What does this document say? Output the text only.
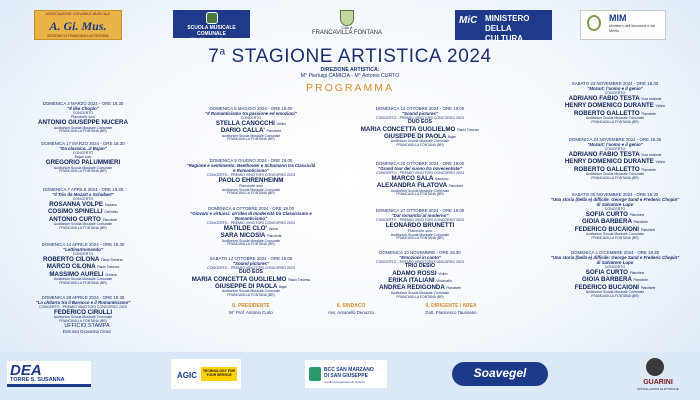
ASSOCIAZIONE GIOVANILE MUSICALE
A. Gi. Mus.
SEZIONE DI FRANCAVILLA FONTANA
SCUOLA MUSICALE COMUNALE
Città di Francavilla Fontana
Città di
FRANCAVILLA FONTANA
MiC MINISTERO
DELLA
CULTURA
MIM
Ministero dell'Istruzione e del Merito
7$^a$ STAGIONE ARTISTICA 2024
DIREZIONE ARTISTICA:
M° Pierluigi CAMICIA - M° Antonio CURTO
PROGRAMMA
DOMENICA 3 MARZO 2024 - ORE 18.30
"Il like Chopin"
CONCERTO
Pianoforte solo
ANTONIO GIUSEPPE NUCERA
Auditorium Scuola Musicale Comunale
FRANCAVILLA FONTANA (BR)
DOMENICA 17 MARZO 2024 - ORE 18.30
"Da classico...il Bajan"
CONCERTO
Bajan solo
GREGORIO PALUMMIERI
Auditorium Scuola Musicale Comunale
FRANCAVILLA FONTANA (BR)
DOMENICA 7 APRILE 2024 - ORE 18.30
"Il Trio da Mozart a Schubert"
CONCERTO
ROSANNA VOLPE Soprano
COSIMO SPINELLI Clarinetto
ANTONIO CURTO Pianoforte
Auditorium Scuola Musicale Comunale
FRANCAVILLA FONTANA (BR)
DOMENICA 14 APRILE 2024 - ORE 18.30
"Lettinarmonando"
CONCERTO
ROBERTO CILONA Flauto Traverso
MARCO CILONA Flauto Traverso
MASSIMO AURELI Chitarra
Auditorium Scuola Musicale Comunale
FRANCAVILLA FONTANA (BR)
DOMENICA 28 APRILE 2024 - ORE 18.30
"La chitarra tra il Barocco e il Romanticismo"
CONCERTO - PREMIO VINCITORI CONCORSO 2023
FEDERICO CIRULLI
Auditorium Scuola Musicale Comunale
FRANCAVILLA FONTANA (BR)
DOMENICA 5 MAGGIO 2024 - ORE 19.00
"Il Romanticismo tra passione ed emozioni"
CONCERTO
STELLA CANOCCHI Violino
DARIO CALLA' Pianoforte
Auditorium Scuola Musicale Comunale
FRANCAVILLA FONTANA (BR)
DOMENICA 9 GIUGNO 2024 - ORE 19.00
"Ragione e sentimento: Beethoven e Schumann tra Classicità e Romanticismo"
CONCERTO - PREMIO VINCITORI CONCORSO 2023
PAOLO EHRENHEINM
Pianoforte solo
Auditorium Scuola Musicale Comunale
FRANCAVILLA FONTANA (BR)
DOMENICA 6 OTTOBRE 2024 - ORE 19.00
"Giovani e virtuosi: un'idea di modernità tra Classicismo e Romanticismo"
CONCERTO - PREMIO VINCITORI CONCORSO 2023
MATILDE CLO' Violino
SARA NICOSIA Pianoforte
Auditorium Scuola Musicale Comunale
FRANCAVILLA FONTANA (BR)
SABATO 12 OTTOBRE 2024 - ORE 19.00
"Sound pictures"
CONCERTO - PREMIO VINCITORI CONCORSO 2023
DUO EOS
MARIA CONCETTA GUGLIELMO Flauto Traverso
GIUSEPPE DI PAOLA Bajan
Auditorium Scuola Musicale Comunale
FRANCAVILLA FONTANA (BR)
DOMENICA 13 OTTOBRE 2024 - ORE 19.00
"Sound pictures"
CONCERTO - PREMIO VINCITORI CONCORSO 2023
DUO EOS
MARIA CONCETTA GUGLIELMO Flauto Traverso
GIUSEPPE DI PAOLA Bajan
Auditorium Scuola Musicale Comunale
FRANCAVILLA FONTANA (BR)
DOMENICA 20 OTTOBRE 2024 - ORE 19.00
"Grand tour del suono fra novecentiste"
CONCERTO - PREMIO VINCITORI CONCORSO 2023
MARCO SALA Saxofono
ALEXANDRA FILATOVA Pianoforte
Auditorium Scuola Musicale Comunale
FRANCAVILLA FONTANA (BR)
DOMENICA 27 OTTOBRE 2024 - ORE 19.00
"Dal romantici al moderno"
CONCERTO - PREMIO VINCITORI CONCORSO 2023
LEONARDO BRUNETTI
Pianoforte solo
Auditorium Scuola Musicale Comunale
FRANCAVILLA FONTANA (BR)
DOMENICA 10 NOVEMBRE - ORE 18.30
"Emozioni in canto"
CONCERTO - PREMIO VINCITORI CONCORSO 2023
TRIO DESIO
ADAMO ROSSI Violino
ERIKA ITALIANI Violoncello
ANDREA REDIGONDA Pianoforte
Auditorium Scuola Musicale Comunale
FRANCAVILLA FONTANA (BR)
SABATO 23 NOVEMBRE 2024 - ORE 18.30
"Mozart: l'uomo e il genio"
CONCERTO
ADRIANO FABIO TESTA Voce recitante
HENRY DOMENICO DURANTE Violino
ROBERTO GALLETTO Pianoforte
Auditorium Scuola Musicale Comunale
FRANCAVILLA FONTANA (BR)
DOMENICA 24 NOVEMBRE 2024 - ORE 18.30
"Mozart: l'uomo e il genio"
CONCERTO
ADRIANO FABIO TESTA Voce recitante
HENRY DOMENICO DURANTE Violino
ROBERTO GALLETTO Pianoforte
Auditorium Scuola Musicale Comunale
FRANCAVILLA FONTANA (BR)
SABATO 30 NOVEMBRE 2024 - ORE 18.30
"Una storia (bella e) difficile: George Sand e Frederic Chopin" di Salvatore Lupo
CONCERTO
SOFIA CURTO Pianoforte
GIOIA BARBERA Pianoforte
FEDERICO BUCAIONI Pianoforte
Auditorium Scuola Musicale Comunale
FRANCAVILLA FONTANA (BR)
DOMENICA 1 DICEMBRE 2024 - ORE 18.30
"Una storia (bella e) difficile: George Sand e Frederic Chopin" di Salvatore Lupo
CONCERTO
SOFIA CURTO Pianoforte
GIOIA BARBERA Pianoforte
FEDERICO BUCAIONI Pianoforte
Auditorium Scuola Musicale Comunale
FRANCAVILLA FONTANA (BR)
UFFICIO STAMPA
Dott.ssa Giovanna Ciraci
IL PRESIDENTE
M° Prof. Antonio Curto
IL SINDACO
Avv. Antonello Denuzzo
IL DIRIGENTE I AREA
Dott. Francesco Taurisano
DEA
TORRE S. SUSANNA	AGIC	TECHNOLOGY FOR YOUR SERVICE
BCC SAN MARZANO
DI SAN GIUSEPPE
Credito Cooperativo di Taranto
Soavegel
GUARINI
INSTALLAZIONI ELETTRICHE
